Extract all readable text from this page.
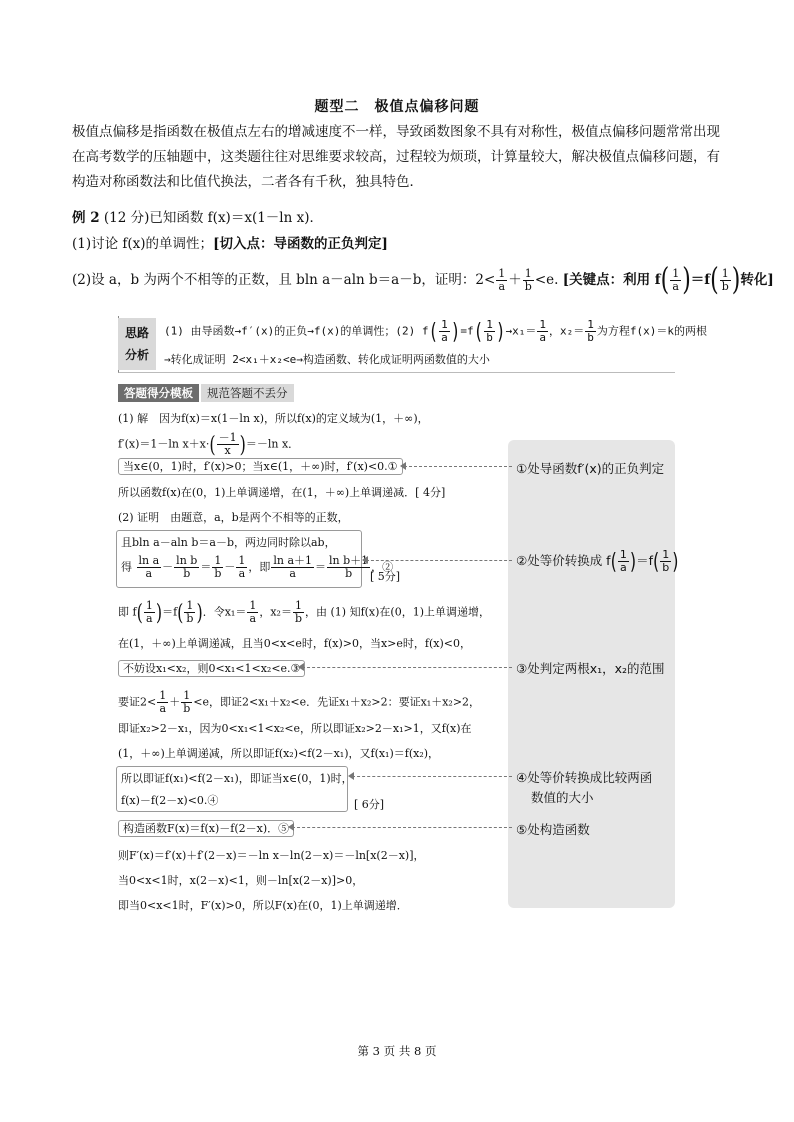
题型二　极值点偏移问题
极值点偏移是指函数在极值点左右的增减速度不一样，导致函数图象不具有对称性，极值点偏移问题常常出现在高考数学的压轴题中，这类题往往对思维要求较高，过程较为烦琐，计算量较大，解决极值点偏移问题，有构造对称函数法和比值代换法，二者各有千秋，独具特色．
例 2 (12 分)已知函数 f(x)＝x(1－ln x)．
(1)讨论 f(x)的单调性；[切入点：导函数的正负判定]
(2)设 a，b 为两个不相等的正数，且 bln a－aln b＝a－b，证明：$2< \frac{1}{a} + \frac{1}{b} <e$. [关键点：利用 $f( \frac{1}{a} )=f( \frac{1}{b}$ )转化]
思路
分析
(1) 由导函数→f′(x)的正负→f(x)的单调性；(2) $f( \frac{1}{a} )=f( \frac{1}{b} )\to x_1= \frac{1}{a}$ ，$x_2= \frac{1}{b}$ 为方程f(x)＝k的两根
→转化成证明 2<x₁＋x₂<e→构造函数、转化成证明两函数值的大小
答题得分模板 规范答题不丢分
(1) 解　因为f(x)＝x(1－ln x)，所以f(x)的定义域为(1，＋∞)，
f′(x)＝1－ln $x+x\cdot( \frac{-1}{x} )=-\ln$ x．
当x∈(0，1)时，f′(x)>0；当x∈(1，＋∞)时，f′(x)<0.①
所以函数f(x)在(0，1)上单调递增，在(1，＋∞)上单调递减．[ 4分]
(2) 证明　由题意，a，b是两个不相等的正数，
且bln a－aln b＝a－b，两边同时除以ab，
得 $\frac{\text{ln a}}{a} - \frac{\text{ln b}}{b} = \frac{1}{b} - \frac{1}{a}$ ，即 $\frac{\text{ln a＋1}}{a} = \frac{\text{ln b＋1}}{b}$ ，②
[ 5分]
即 $f( \frac{1}{a} )=f( \frac{1}{b}$ )．令$x_1= \frac{1}{a}$ ，$x_2= \frac{1}{b}$ ，由 (1) 知f(x)在(0，1)上单调递增，
在(1，＋∞)上单调递减，且当0<x<e时，f(x)>0，当x>e时，f(x)<0，
不妨设x₁<x₂，则0<x₁<1<x₂<e.③
要证$2< \frac{1}{a} + \frac{1}{b} <e$，即证2<x₁＋x₂<e．先证x₁＋x₂>2：要证x₁＋x₂>2，
即证x₂>2－x₁，因为0<x₁<1<x₂<e，所以即证x₂>2－x₁>1，又f(x)在
(1，＋∞)上单调递减，所以即证f(x₂)<f(2－x₁)，又f(x₁)＝f(x₂)，
所以即证f(x₁)<f(2－x₁)，即证当x∈(0，1)时，
f(x)－f(2－x)<0.④	[ 6分]
构造函数F(x)＝f(x)－f(2－x)．⑤
则F′(x)＝f′(x)＋f′(2－x)＝－ln x－ln(2－x)＝－ln[x(2－x)]，
当0<x<1时，x(2－x)<1，则－ln[x(2－x)]>0，
即当0<x<1时，F′(x)>0，所以F(x)在(0，1)上单调递增．
①处导函数f′(x)的正负判定
②处等价转换成 $f( \frac{1}{a} )=f( \frac{1}{b}$ )
③处判定两根x₁，x₂的范围
④处等价转换成比较两函
数值的大小
⑤处构造函数
第 3 页 共 8 页
